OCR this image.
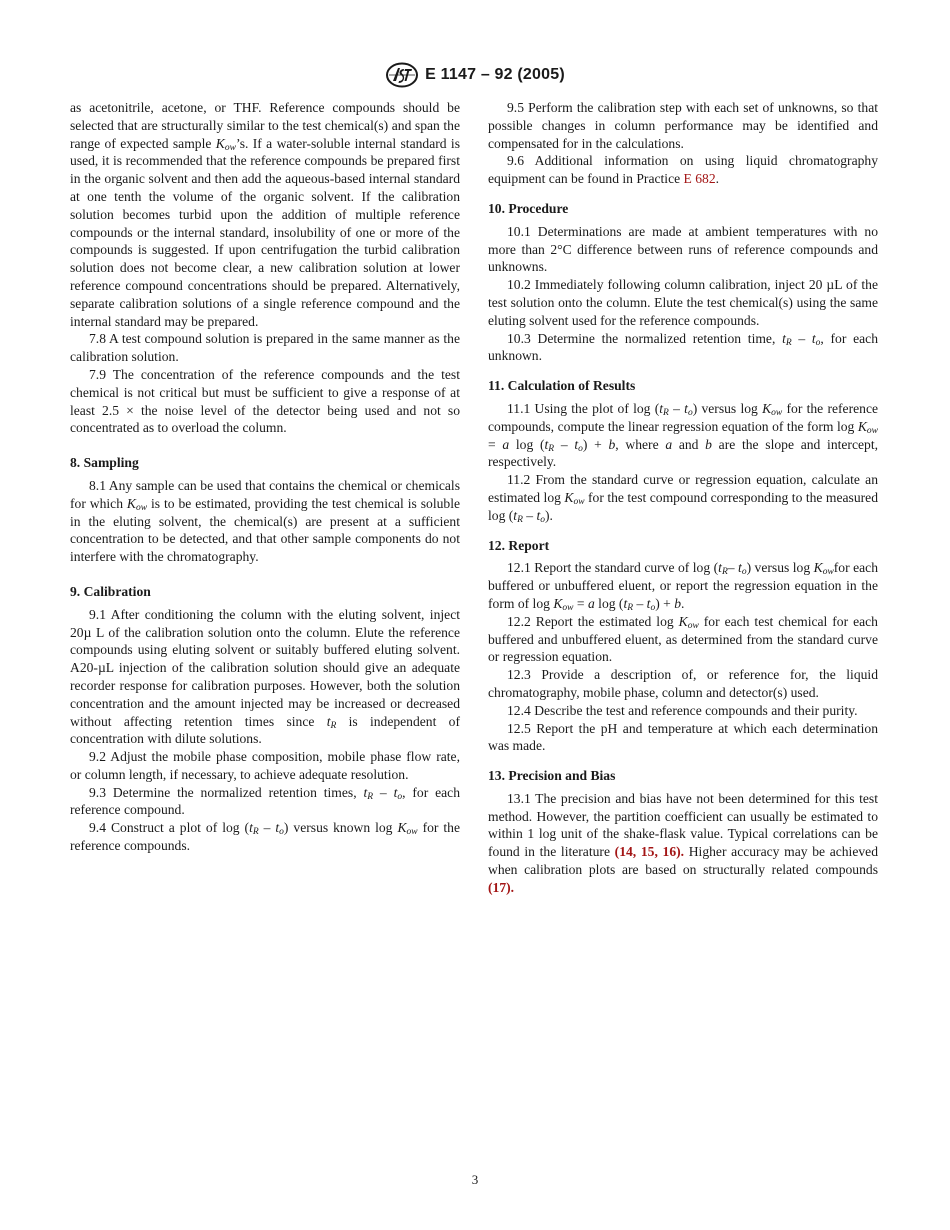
E 1147 – 92 (2005)

as acetonitrile, acetone, or THF. Reference compounds should be selected that are structurally similar to the test chemical(s) and span the range of expected sample $K_{ow}’s$. If a water-soluble internal standard is used, it is recommended that the reference compounds be prepared first in the organic solvent and then add the aqueous-based internal standard at one tenth the volume of the organic solvent. If the calibration solution becomes turbid upon the addition of multiple reference compounds or the internal standard, insolubility of one or more of the compounds is suggested. If upon centrifugation the turbid calibration solution does not become clear, a new calibration solution at lower reference compound concentrations should be prepared. Alternatively, separate calibration solutions of a single reference compound and the internal standard may be prepared.

7.8 A test compound solution is prepared in the same manner as the calibration solution.

7.9 The concentration of the reference compounds and the test chemical is not critical but must be sufficient to give a response of at least 2.5 × the noise level of the detector being used and not so concentrated as to overload the column.

8. Sampling

8.1 Any sample can be used that contains the chemical or chemicals for which $K_{ow}$ is to be estimated, providing the test chemical is soluble in the eluting solvent, the chemical(s) are present at a sufficient concentration to be detected, and that other sample components do not interfere with the chromatography.

9. Calibration

9.1 After conditioning the column with the eluting solvent, inject 20µ L of the calibration solution onto the column. Elute the reference compounds using eluting solvent or suitably buffered eluting solvent. A20-µL injection of the calibration solution should give an adequate recorder response for calibration purposes. However, both the solution concentration and the amount injected may be increased or decreased without affecting retention times since $t_R$ is independent of concentration with dilute solutions.

9.2 Adjust the mobile phase composition, mobile phase flow rate, or column length, if necessary, to achieve adequate resolution.

9.3 Determine the normalized retention times, $t_R - t_o$, for each reference compound.

9.4 Construct a plot of $\log (t_R - t_o)$ versus known $\log K_{ow}$ for the reference compounds.

9.5 Perform the calibration step with each set of unknowns, so that possible changes in column performance may be identified and compensated for in the calculations.

9.6 Additional information on using liquid chromatography equipment can be found in Practice E 682.

10. Procedure

10.1 Determinations are made at ambient temperatures with no more than 2°C difference between runs of reference compounds and unknowns.

10.2 Immediately following column calibration, inject 20 µL of the test solution onto the column. Elute the test chemical(s) using the same eluting solvent used for the reference compounds.

10.3 Determine the normalized retention time, $t_R - t_o$, for each unknown.

11. Calculation of Results

11.1 Using the plot of $\log (t_R - t_o)$ versus $\log K_{ow}$ for the reference compounds, compute the linear regression equation of the form $\log K_{ow} = a$ $\log (t_R - t_o) + b$, where a and b are the slope and intercept, respectively.

11.2 From the standard curve or regression equation, calculate an estimated $\log K_{ow}$ for the test compound corresponding to the measured $\log (t_R - t_o)$.

12. Report

12.1 Report the standard curve of $\log (t_R-$ $t_o$) versus $\log K_{ow}for$ each buffered or unbuffered eluent, or report the regression equation in the form of $\log K_{ow} = a$ $\log (t_R - t_o) + b$.

12.2 Report the estimated $\log K_{ow}$ for each test chemical for each buffered and unbuffered eluent, as determined from the standard curve or regression equation.

12.3 Provide a description of, or reference for, the liquid chromatography, mobile phase, column and detector(s) used.

12.4 Describe the test and reference compounds and their purity.

12.5 Report the pH and temperature at which each determination was made.

13. Precision and Bias

13.1 The precision and bias have not been determined for this test method. However, the partition coefficient can usually be estimated to within 1 log unit of the shake-flask value. Typical correlations can be found in the literature (14, 15, 16). Higher accuracy may be achieved when calibration plots are based on structurally related compounds (17).

3
